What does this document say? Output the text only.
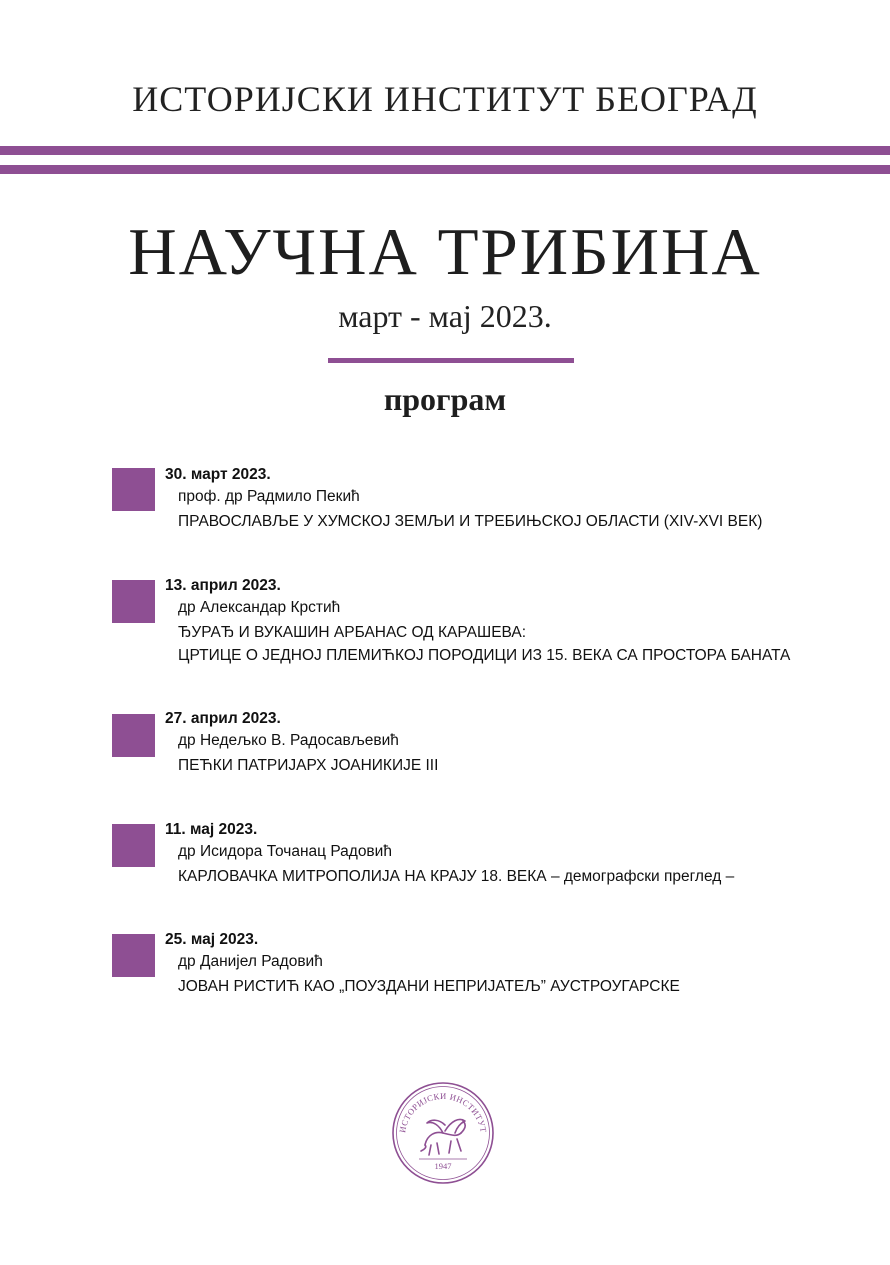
ИСТОРИЈСКИ ИНСТИТУТ БЕОГРАД
НАУЧНА ТРИБИНА
март - мај 2023.
програм
30. март 2023.
проф. др Радмило Пекић
ПРАВОСЛАВЉЕ У ХУМСКОЈ ЗЕМЉИ И ТРЕБИЊСКОЈ ОБЛАСТИ (XIV-XVI ВЕК)
13. април 2023.
др Александар Крстић
ЂУРАЂ И ВУКАШИН АРБАНАС ОД КАРАШЕВА:
ЦРТИЦЕ О ЈЕДНОЈ ПЛЕМИЋКОЈ ПОРОДИЦИ ИЗ 15. ВЕКА СА ПРОСТОРА БАНАТА
27. април 2023.
др Недељко В. Радосављевић
ПЕЋКИ ПАТРИЈАРХ ЈОАНИКИЈЕ III
11. мај 2023.
др Исидора Точанац Радовић
КАРЛОВАЧКА МИТРОПОЛИЈА НА КРАЈУ 18. ВЕКА – демографски преглед –
25. мај 2023.
др Данијел Радовић
ЈОВАН РИСТИЋ КАО „ПОУЗДАНИ НЕПРИЈАТЕЉ” АУСТРОУГАРСКЕ
ИСТОРИЈСКИ ИНСТИТУТ
1947
